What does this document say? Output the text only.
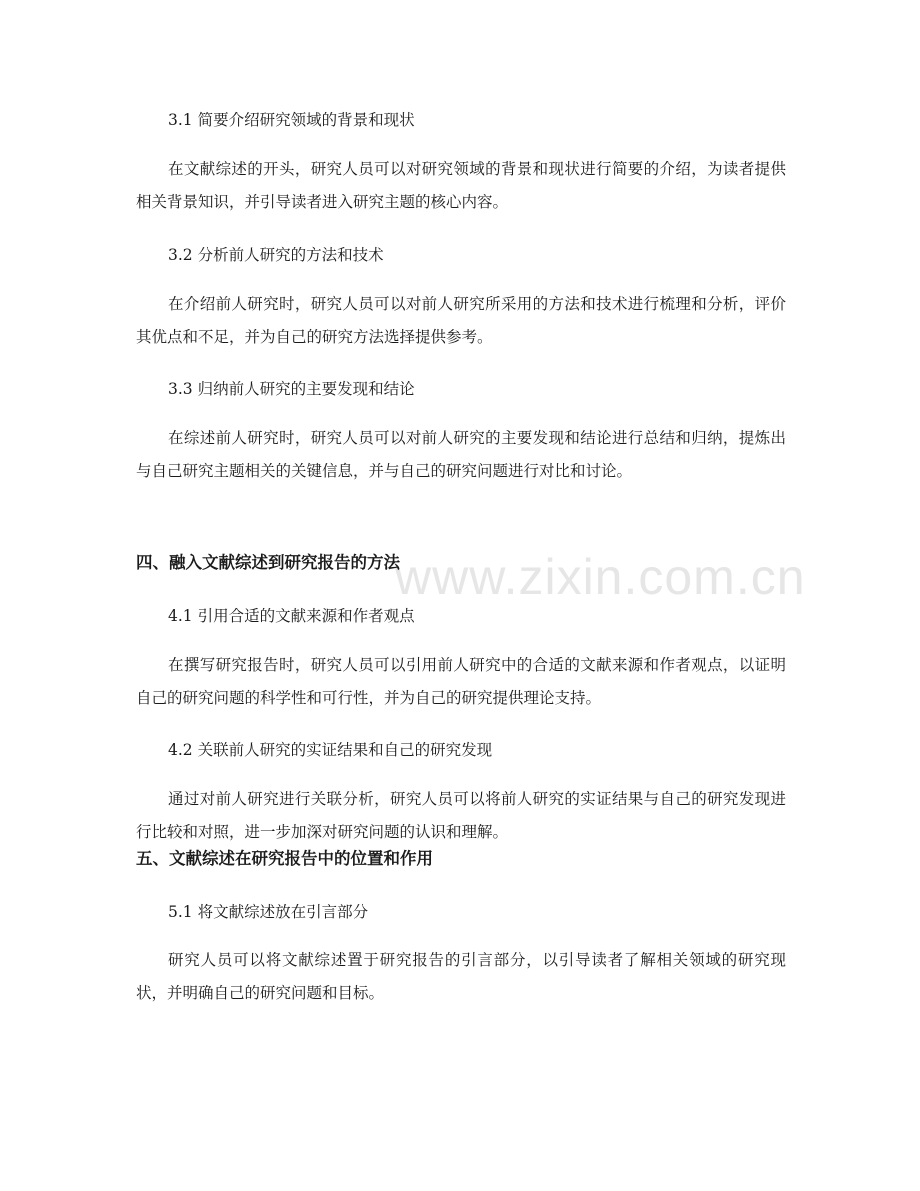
www.zixin.com.cn
3.1 简要介绍研究领域的背景和现状

在文献综述的开头，研究人员可以对研究领域的背景和现状进行简要的介绍，为读者提供相关背景知识，并引导读者进入研究主题的核心内容。

3.2 分析前人研究的方法和技术

在介绍前人研究时，研究人员可以对前人研究所采用的方法和技术进行梳理和分析，评价其优点和不足，并为自己的研究方法选择提供参考。

3.3 归纳前人研究的主要发现和结论

在综述前人研究时，研究人员可以对前人研究的主要发现和结论进行总结和归纳，提炼出与自己研究主题相关的关键信息，并与自己的研究问题进行对比和讨论。

四、融入文献综述到研究报告的方法
4.1 引用合适的文献来源和作者观点

在撰写研究报告时，研究人员可以引用前人研究中的合适的文献来源和作者观点，以证明自己的研究问题的科学性和可行性，并为自己的研究提供理论支持。

4.2 关联前人研究的实证结果和自己的研究发现

通过对前人研究进行关联分析，研究人员可以将前人研究的实证结果与自己的研究发现进行比较和对照，进一步加深对研究问题的认识和理解。

五、文献综述在研究报告中的位置和作用
5.1 将文献综述放在引言部分

研究人员可以将文献综述置于研究报告的引言部分，以引导读者了解相关领域的研究现状，并明确自己的研究问题和目标。
